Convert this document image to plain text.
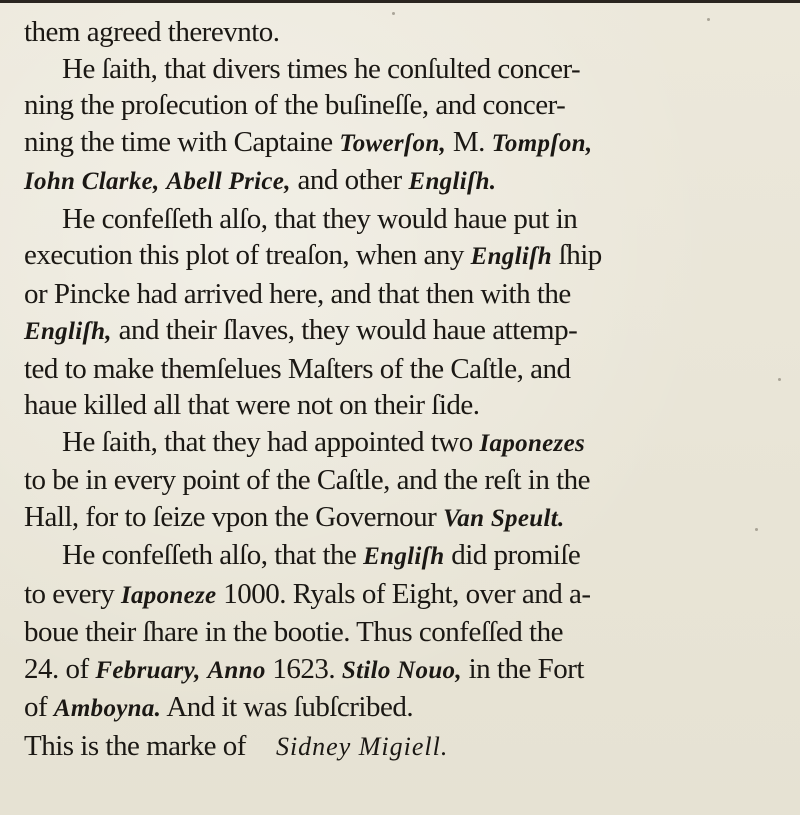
them agreed therevnto.
He ſaith, that divers times he conſulted concer-
ning the proſecution of the buſineſſe, and concer-
ning the time with Captaine Towerſon, M. Tompſon,
Iohn Clarke, Abell Price, and other Engliſh.
He confeſſeth alſo, that they would haue put in
execution this plot of treaſon, when any Engliſh ſhip
or Pincke had arrived here, and that then with the
Engliſh, and their ſlaves, they would haue attemp-
ted to make themſelues Maſters of the Caſtle, and
haue killed all that were not on their ſide.
He ſaith, that they had appointed two Iaponezes
to be in every point of the Caſtle, and the reſt in the
Hall, for to ſeize vpon the Governour Van Speult.
He confeſſeth alſo, that the Engliſh did promiſe
to every Iaponeze 1000. Ryals of Eight, over and a-
boue their ſhare in the bootie. Thus confeſſed the
24. of February, Anno 1623. Stilo Nouo, in the Fort
of Amboyna. And it was ſubſcribed.
This is the marke of Sidney Migiell.
